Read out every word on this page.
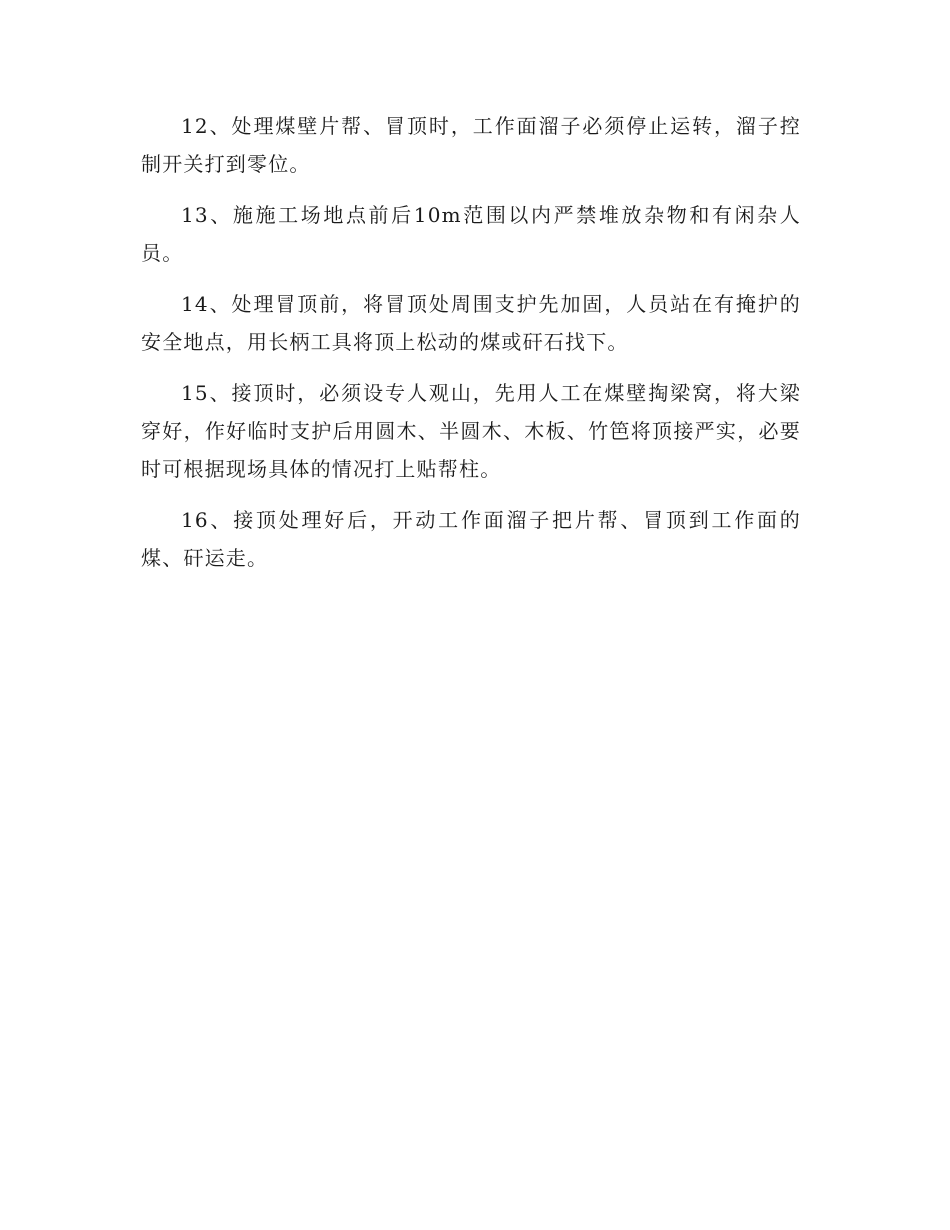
12、处理煤壁片帮、冒顶时，工作面溜子必须停止运转，溜子控制开关打到零位。

13、施施工场地点前后10m范围以内严禁堆放杂物和有闲杂人员。

14、处理冒顶前，将冒顶处周围支护先加固，人员站在有掩护的安全地点，用长柄工具将顶上松动的煤或矸石找下。

15、接顶时，必须设专人观山，先用人工在煤壁掏梁窝，将大梁穿好，作好临时支护后用圆木、半圆木、木板、竹笆将顶接严实，必要时可根据现场具体的情况打上贴帮柱。

16、接顶处理好后，开动工作面溜子把片帮、冒顶到工作面的煤、矸运走。
